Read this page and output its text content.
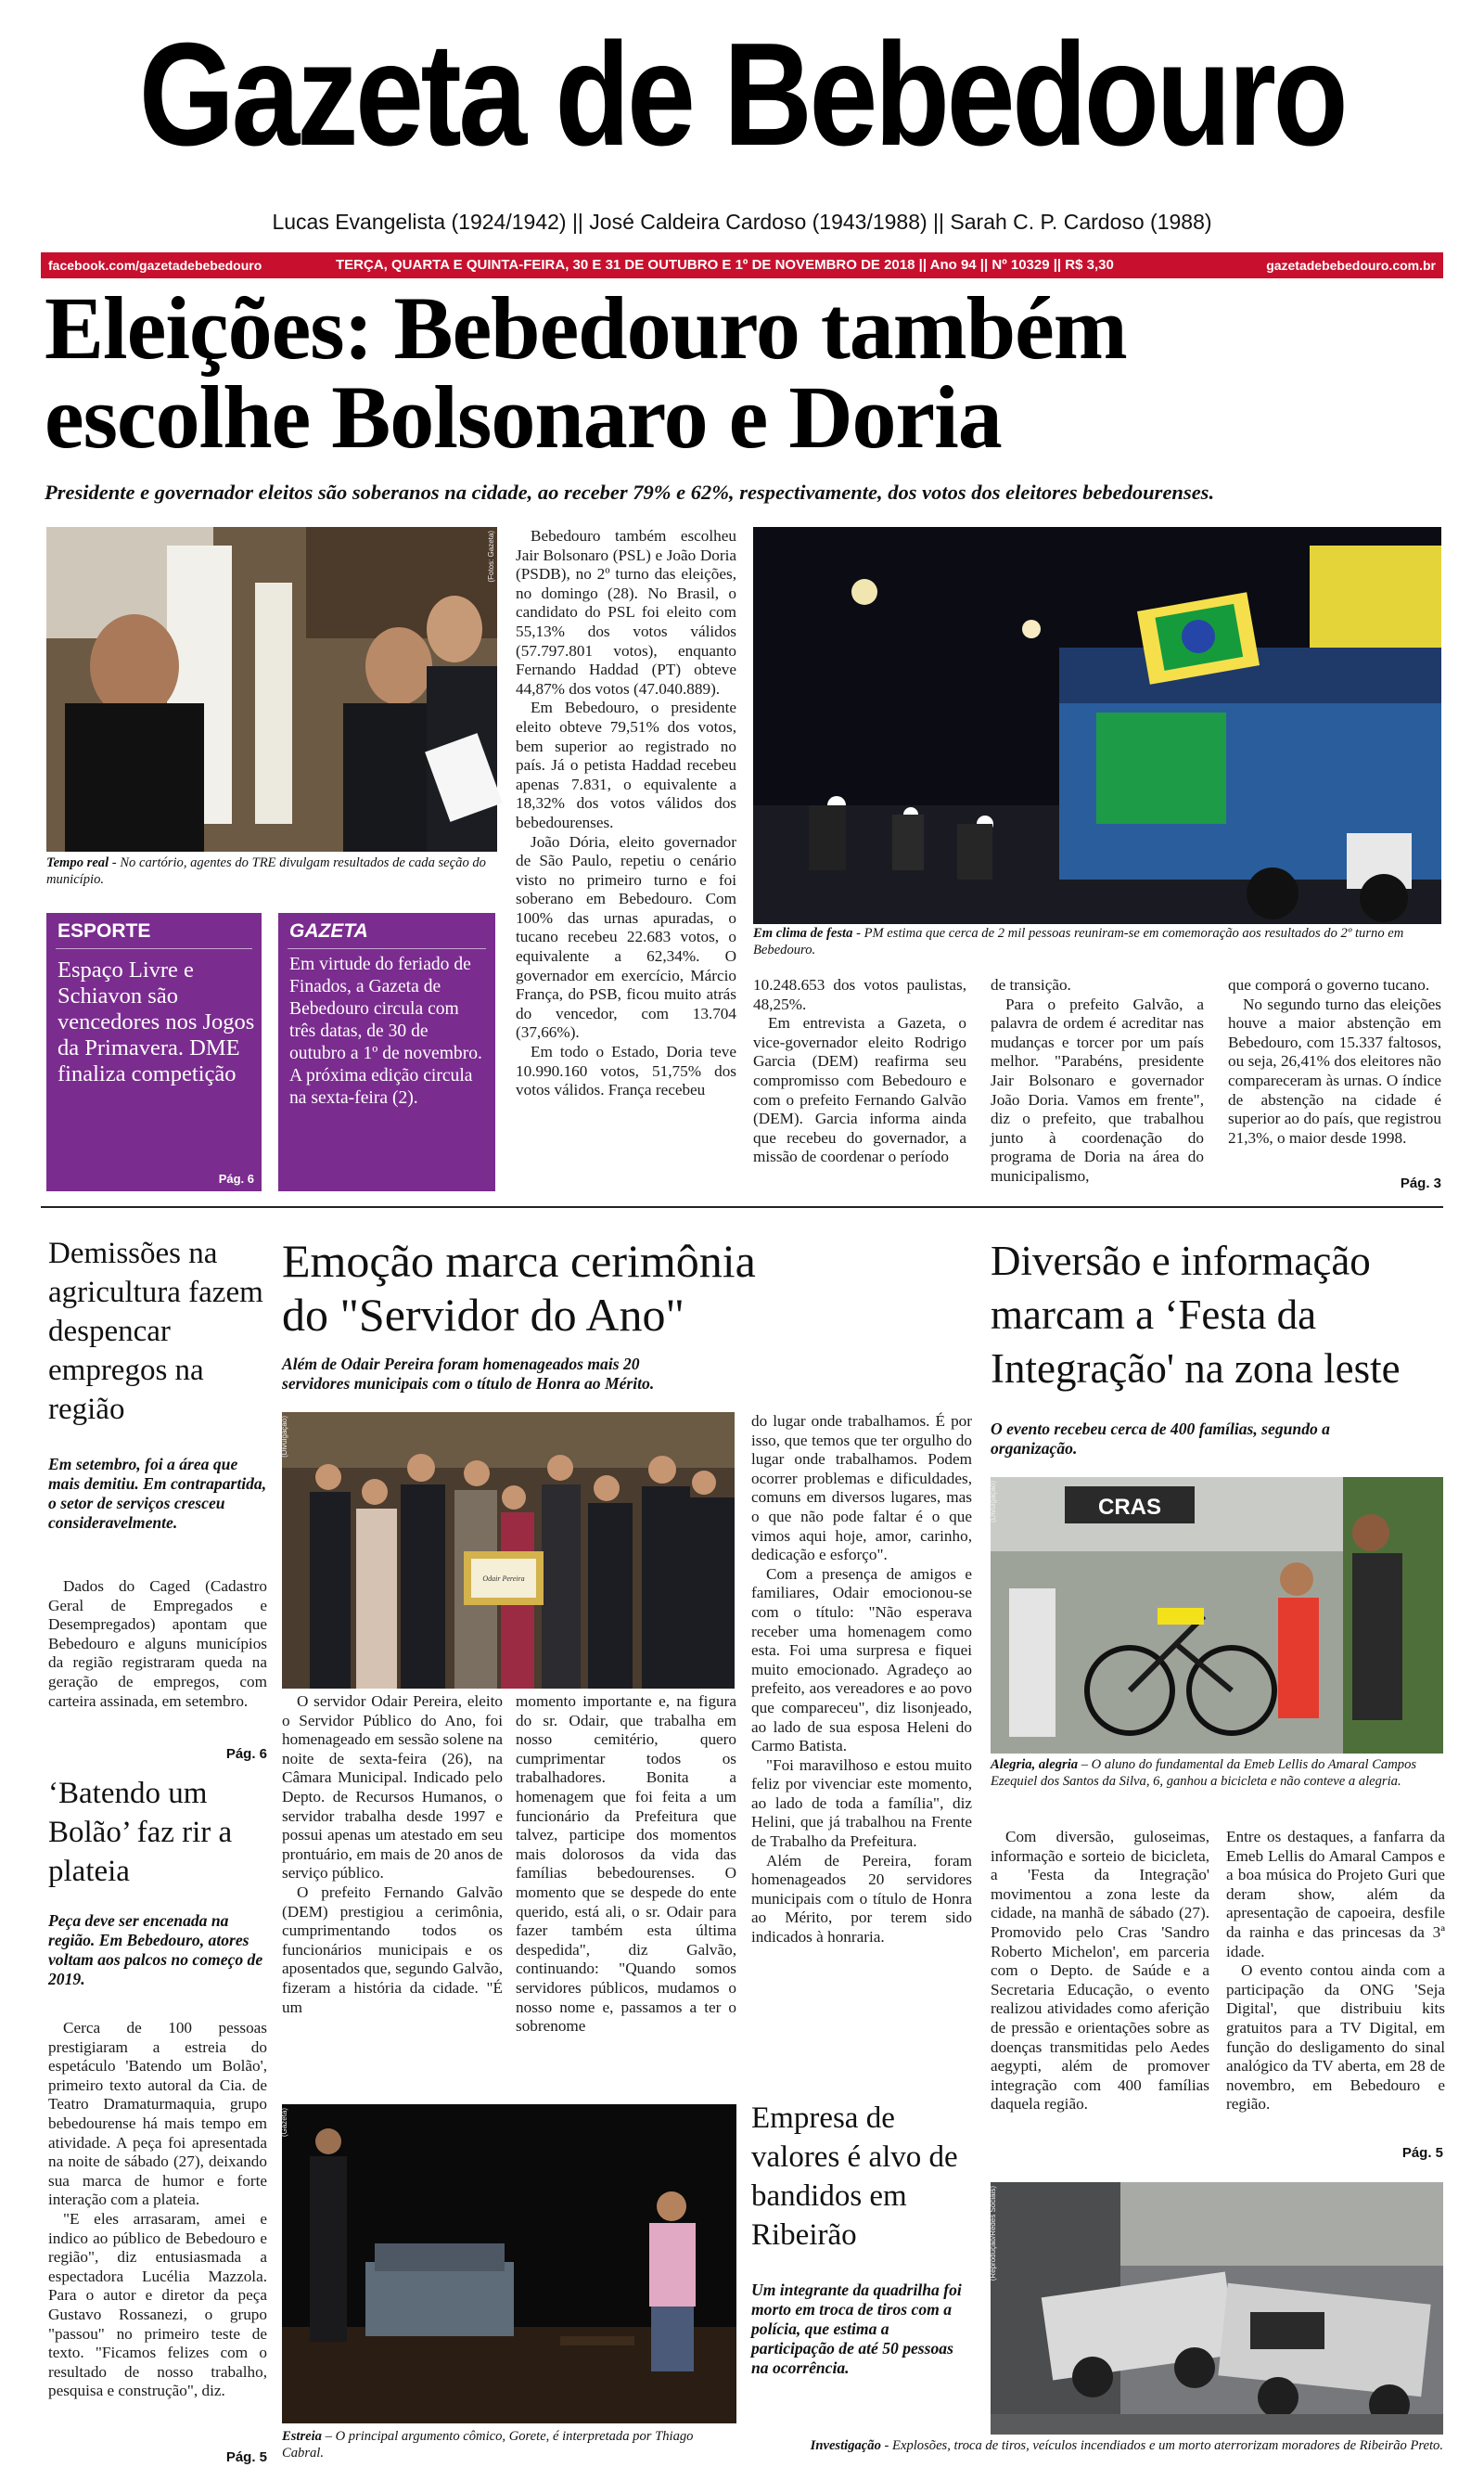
Gazeta de Bebedouro
Lucas Evangelista (1924/1942) || José Caldeira Cardoso (1943/1988) || Sarah C. P. Cardoso (1988)
facebook.com/gazetadebebedouro	TERÇA, QUARTA E QUINTA-FEIRA, 30 E 31 DE OUTUBRO E 1º DE NOVEMBRO DE 2018 || Ano 94 || Nº 10329 || R$ 3,30	gazetadebebedouro.com.br
Eleições: Bebedouro também
escolhe Bolsonaro e Doria
Presidente e governador eleitos são soberanos na cidade, ao receber 79% e 62%, respectivamente, dos votos dos eleitores bebedourenses.
(Fotos: Gazeta)
Tempo real - No cartório, agentes do TRE divulgam resultados de cada seção do município.
ESPORTE
Espaço Livre e Schiavon são vencedores nos Jogos da Primavera. DME finaliza competição
Pág. 6
GAZETA
Em virtude do feriado de Finados, a Gazeta de Bebedouro circula com três datas, de 30 de outubro a 1º de novembro. A próxima edição circula na sexta-feira (2).

Bebedouro também escolheu Jair Bolsonaro (PSL) e João Doria (PSDB), no 2º turno das eleições, no domingo (28). No Brasil, o candidato do PSL foi eleito com 55,13% dos votos válidos (57.797.801 votos), enquanto Fernando Haddad (PT) obteve 44,87% dos votos (47.040.889).

Em Bebedouro, o presidente eleito obteve 79,51% dos votos, bem superior ao registrado no país. Já o petista Haddad recebeu apenas 7.831, o equivalente a 18,32% dos votos válidos dos bebedourenses.

João Dória, eleito governador de São Paulo, repetiu o cenário visto no primeiro turno e foi soberano em Bebedouro. Com 100% das urnas apuradas, o tucano recebeu 22.683 votos, o equivalente a 62,34%. O governador em exercício, Márcio França, do PSB, ficou muito atrás do vencedor, com 13.704 (37,66%).

Em todo o Estado, Doria teve 10.990.160 votos, 51,75% dos votos válidos. França recebeu

Em clima de festa - PM estima que cerca de 2 mil pessoas reuniram-se em comemoração aos resultados do 2º turno em Bebedouro.

10.248.653 dos votos paulistas, 48,25%.

Em entrevista a Gazeta, o vice-governador eleito Rodrigo Garcia (DEM) reafirma seu compromisso com Bebedouro e com o prefeito Fernando Galvão (DEM). Garcia informa ainda que recebeu do governador, a missão de coordenar o período

de transição.

Para o prefeito Galvão, a palavra de ordem é acreditar nas mudanças e torcer por um país melhor. "Parabéns, presidente Jair Bolsonaro e governador João Doria. Vamos em frente", diz o prefeito, que trabalhou junto à coordenação do programa de Doria na área do municipalismo,

que comporá o governo tucano.

No segundo turno das eleições houve a maior abstenção em Bebedouro, com 15.337 faltosos, ou seja, 26,41% dos eleitores não compareceram às urnas. O índice de abstenção na cidade é superior ao do país, que registrou 21,3%, o maior desde 1998.

Pág. 3
Demissões na agricultura fazem despencar empregos na região
Em setembro, foi a área que mais demitiu. Em contrapartida, o setor de serviços cresceu consideravelmente.

Dados do Caged (Cadastro Geral de Empregados e Desempregados) apontam que Bebedouro e alguns municípios da região registraram queda na geração de empregos, com carteira assinada, em setembro.

Pág. 6
‘Batendo um Bolão’ faz rir a plateia
Peça deve ser encenada na região. Em Bebedouro, atores voltam aos palcos no começo de 2019.

Cerca de 100 pessoas prestigiaram a estreia do espetáculo 'Batendo um Bolão', primeiro texto autoral da Cia. de Teatro Dramaturmaquia, grupo bebedourense há mais tempo em atividade. A peça foi apresentada na noite de sábado (27), deixando sua marca de humor e forte interação com a plateia.

"E eles arrasaram, amei e indico ao público de Bebedouro e região", diz entusiasmada a espectadora Lucélia Mazzola. Para o autor e diretor da peça Gustavo Rossanezi, o grupo "passou" no primeiro teste de texto. "Ficamos felizes com o resultado de nosso trabalho, pesquisa e construção", diz.

Pág. 5
Emoção marca cerimônia
do "Servidor do Ano"
Além de Odair Pereira foram homenageados mais 20 servidores municipais com o título de Honra ao Mérito.
Odair Pereira
(Divulgação)

O servidor Odair Pereira, eleito o Servidor Público do Ano, foi homenageado em sessão solene na noite de sexta-feira (26), na Câmara Municipal. Indicado pelo Depto. de Recursos Humanos, o servidor trabalha desde 1997 e possui apenas um atestado em seu prontuário, em mais de 20 anos de serviço público.

O prefeito Fernando Galvão (DEM) prestigiou a cerimônia, cumprimentando todos os funcionários municipais e os aposentados que, segundo Galvão, fizeram a história da cidade. "É um

momento importante e, na figura do sr. Odair, que trabalha em nosso cemitério, quero cumprimentar todos os trabalhadores. Bonita a homenagem que foi feita a um funcionário da Prefeitura que talvez, participe dos momentos mais dolorosos da vida das famílias bebedourenses. O momento que se despede do ente querido, está ali, o sr. Odair para fazer também esta última despedida", diz Galvão, continuando: "Quando somos servidores públicos, mudamos o nosso nome e, passamos a ter o sobrenome

do lugar onde trabalhamos. É por isso, que temos que ter orgulho do lugar onde trabalhamos. Podem ocorrer problemas e dificuldades, comuns em diversos lugares, mas o que não pode faltar é o que vimos aqui hoje, amor, carinho, dedicação e esforço".

Com a presença de amigos e familiares, Odair emocionou-se com o título: "Não esperava receber uma homenagem como esta. Foi uma surpresa e fiquei muito emocionado. Agradeço ao prefeito, aos vereadores e ao povo que compareceu", diz lisonjeado, ao lado de sua esposa Heleni do Carmo Batista.

"Foi maravilhoso e estou muito feliz por vivenciar este momento, ao lado de toda a família", diz Helini, que já trabalhou na Frente de Trabalho da Prefeitura.

Além de Pereira, foram homenageados 20 servidores municipais com o título de Honra ao Mérito, por terem sido indicados à honraria.

(Gazeta)
Estreia – O principal argumento cômico, Gorete, é interpretada por Thiago Cabral.
Empresa de valores é alvo de bandidos em Ribeirão
Um integrante da quadrilha foi morto em troca de tiros com a polícia, que estima a participação de até 50 pessoas na ocorrência.
Diversão e informação marcam a ‘Festa da Integração' na zona leste
O evento recebeu cerca de 400 famílias, segundo a organização.
CRAS
(Divulgação)
Alegria, alegria – O aluno do fundamental da Emeb Lellis do Amaral Campos Ezequiel dos Santos da Silva, 6, ganhou a bicicleta e não conteve a alegria.

Com diversão, guloseimas, informação e sorteio de bicicleta, a 'Festa da Integração' movimentou a zona leste da cidade, na manhã de sábado (27). Promovido pelo Cras 'Sandro Roberto Michelon', em parceria com o Depto. de Saúde e a Secretaria Educação, o evento realizou atividades como aferição de pressão e orientações sobre as doenças transmitidas pelo Aedes aegypti, além de promover integração com 400 famílias daquela região.

Entre os destaques, a fanfarra da Emeb Lellis do Amaral Campos e a boa música do Projeto Guri que deram show, além da apresentação de capoeira, desfile da rainha e das princesas da 3ª idade.

O evento contou ainda com a participação da ONG 'Seja Digital', que distribuiu kits gratuitos para a TV Digital, em função do desligamento do sinal analógico da TV aberta, em 28 de novembro, em Bebedouro e região.

Pág. 5
(Reprodução/Redes Sociais)
Investigação - Explosões, troca de tiros, veículos incendiados e um morto aterrorizam moradores de Ribeirão Preto.
